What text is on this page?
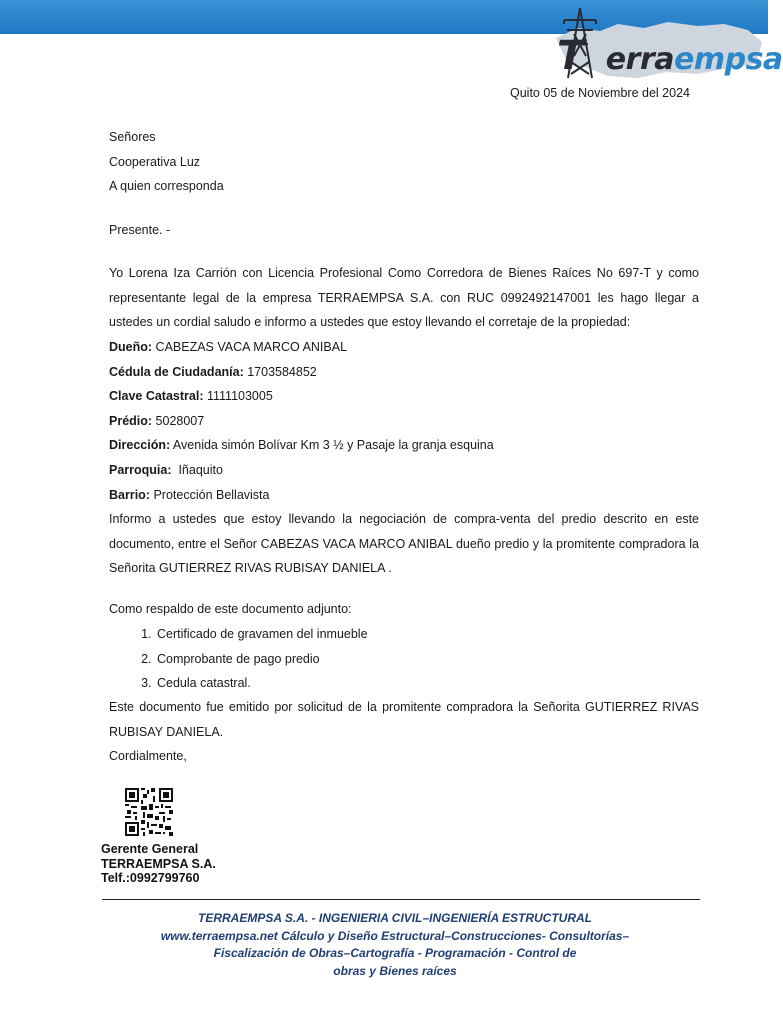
T erraempsa
Quito 05 de Noviembre del 2024
Señores
Cooperativa Luz
A quien corresponda
Presente. -
Yo Lorena Iza Carrión con Licencia Profesional Como Corredora de Bienes Raíces No 697-T y como representante legal de la empresa TERRAEMPSA S.A. con RUC 0992492147001 les hago llegar a ustedes un cordial saludo e informo a ustedes que estoy llevando el corretaje de la propiedad:
Dueño: CABEZAS VACA MARCO ANIBAL
Cédula de Ciudadanía: 1703584852
Clave Catastral: 1111103005
Prédio: 5028007
Dirección: Avenida simón Bolívar Km 3 ½ y Pasaje la granja esquina
Parroquia:  Iñaquito
Barrio: Protección Bellavista
Informo a ustedes que estoy llevando la negociación de compra-venta del predio descrito en este documento, entre el Señor CABEZAS VACA MARCO ANIBAL dueño predio y la promitente compradora la Señorita GUTIERREZ RIVAS RUBISAY DANIELA .
Como respaldo de este documento adjunto:
1. Certificado de gravamen del inmueble
2. Comprobante de pago predio
3. Cedula catastral.
Este documento fue emitido por solicitud de la promitente compradora la Señorita GUTIERREZ RIVAS RUBISAY DANIELA.
Cordialmente,
Gerente General
TERRAEMPSA S.A.
Telf.:0992799760
TERRAEMPSA S.A. - INGENIERIA CIVIL–INGENIERÍA ESTRUCTURAL
www.terraempsa.net Cálculo y Diseño Estructural–Construcciones- Consultorías–
Fiscalización de Obras–Cartografía - Programación - Control de
obras y Bienes raíces
